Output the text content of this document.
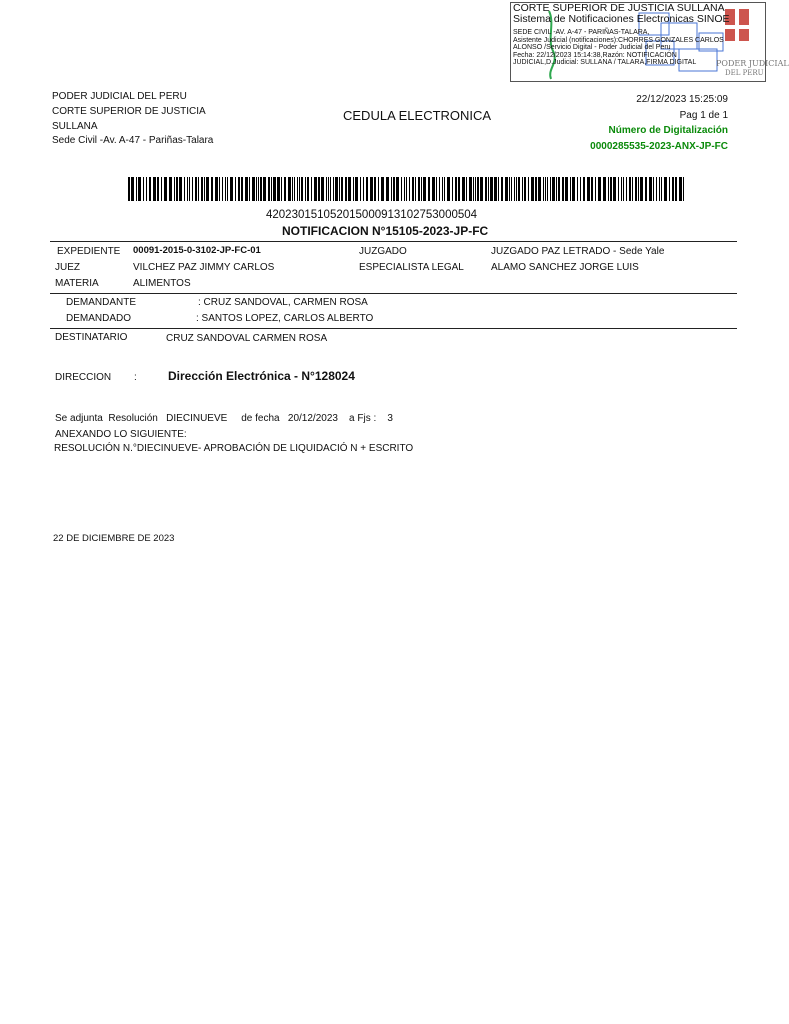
CORTE SUPERIOR DE JUSTICIA SULLANA
Sistema de Notificaciones Electronicas SINOE
SEDE CIVIL -AV. A-47 - PARIÑAS-TALARA,
Asistente Judicial (notificaciones):CHORRES GONZALES CARLOS
ALONSO /Servicio Digital - Poder Judicial del Peru
Fecha: 22/12/2023 15:14:38,Razón: NOTIFICACIÓN
JUDICIAL,D.Judicial: SULLANA / TALARA,FIRMA DIGITAL PODER JUDICIAL
DEL PERU
PODER JUDICIAL DEL PERU
CORTE SUPERIOR DE JUSTICIA
SULLANA
Sede Civil -Av. A-47 - Pariñas-Talara
CEDULA ELECTRONICA
22/12/2023 15:25:09
Pag 1 de 1
Número de Digitalización
0000285535-2023-ANX-JP-FC
420230151052015000913102753000504
NOTIFICACION N°15105-2023-JP-FC
EXPEDIENTE 00091-2015-0-3102-JP-FC-01	JUZGADO	JUZGADO PAZ LETRADO - Sede Yale
JUEZ	VILCHEZ PAZ JIMMY CARLOS	ESPECIALISTA LEGAL	ALAMO SANCHEZ JORGE LUIS
MATERIA	ALIMENTOS
DEMANDANTE	: CRUZ SANDOVAL, CARMEN ROSA
DEMANDADO	: SANTOS LOPEZ, CARLOS ALBERTO
DESTINATARIO	CRUZ SANDOVAL CARMEN ROSA
DIRECCION :	Dirección Electrónica - N°128024
Se adjunta  Resolución   DIECINUEVE     de fecha   20/12/2023    a Fjs :    3
ANEXANDO LO SIGUIENTE:
RESOLUCIÓN N.°DIECINUEVE- APROBACIÓN DE LIQUIDACIÓ N + ESCRITO
22 DE DICIEMBRE DE 2023
